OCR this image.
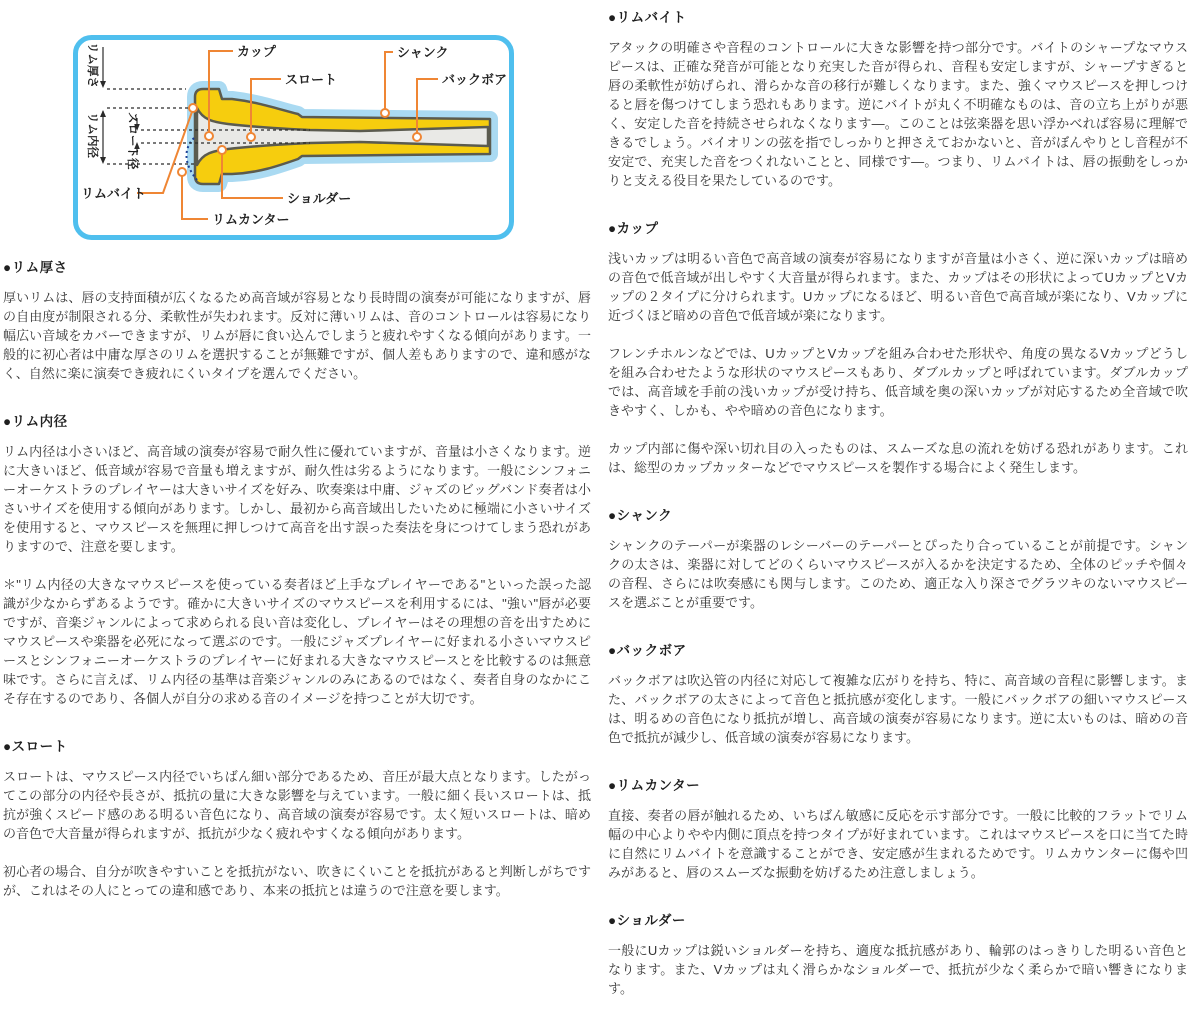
リム厚さ
リム内径 スロート径
カップ
スロート
シャンク
バックボア
リムバイト	ショルダー
リムカンター
●リム厚さ

厚いリムは、唇の支持面積が広くなるため高音域が容易となり長時間の演奏が可能になりますが、唇の自由度が制限される分、柔軟性が失われます。反対に薄いリムは、音のコントロールは容易になり幅広い音域をカバーできますが、リムが唇に食い込んでしまうと疲れやすくなる傾向があります。一般的に初心者は中庸な厚さのリムを選択することが無難ですが、個人差もありますので、違和感がなく、自然に楽に演奏でき疲れにくいタイプを選んでください。

●リム内径

リム内径は小さいほど、高音域の演奏が容易で耐久性に優れていますが、音量は小さくなります。逆に大きいほど、低音域が容易で音量も増えますが、耐久性は劣るようになります。一般にシンフォニーオーケストラのプレイヤーは大きいサイズを好み、吹奏楽は中庸、ジャズのビッグバンド奏者は小さいサイズを使用する傾向があります。しかし、最初から高音域出したいために極端に小さいサイズを使用すると、マウスピースを無理に押しつけて高音を出す誤った奏法を身につけてしまう恐れがありますので、注意を要します。

＊"リム内径の大きなマウスピースを使っている奏者ほど上手なプレイヤーである"といった誤った認識が少なからずあるようです。確かに大きいサイズのマウスピースを利用するには、"強い"唇が必要ですが、音楽ジャンルによって求められる良い音は変化し、プレイヤーはその理想の音を出すためにマウスピースや楽器を必死になって選ぶのです。一般にジャズプレイヤーに好まれる小さいマウスピースとシンフォニーオーケストラのプレイヤーに好まれる大きなマウスピースとを比較するのは無意味です。さらに言えば、リム内径の基準は音楽ジャンルのみにあるのではなく、奏者自身のなかにこそ存在するのであり、各個人が自分の求める音のイメージを持つことが大切です。

●スロート

スロートは、マウスピース内径でいちばん細い部分であるため、音圧が最大点となります。したがってこの部分の内径や長さが、抵抗の量に大きな影響を与えています。一般に細く長いスロートは、抵抗が強くスピード感のある明るい音色になり、高音域の演奏が容易です。太く短いスロートは、暗めの音色で大音量が得られますが、抵抗が少なく疲れやすくなる傾向があります。

初心者の場合、自分が吹きやすいことを抵抗がない、吹きにくいことを抵抗があると判断しがちですが、これはその人にとっての違和感であり、本来の抵抗とは違うので注意を要します。

●リムバイト

アタックの明確さや音程のコントロールに大きな影響を持つ部分です。バイトのシャープなマウスピースは、正確な発音が可能となり充実した音が得られ、音程も安定しますが、シャープすぎると唇の柔軟性が妨げられ、滑らかな音の移行が難しくなります。また、強くマウスピースを押しつけると唇を傷つけてしまう恐れもあります。逆にバイトが丸く不明確なものは、音の立ち上がりが悪く、安定した音を持続させられなくなります―。このことは弦楽器を思い浮かべれば容易に理解できるでしょう。バイオリンの弦を指でしっかりと押さえておかないと、音がぼんやりとし音程が不安定で、充実した音をつくれないことと、同様です―。つまり、リムバイトは、唇の振動をしっかりと支える役目を果たしているのです。

●カップ

浅いカップは明るい音色で高音域の演奏が容易になりますが音量は小さく、逆に深いカップは暗めの音色で低音域が出しやすく大音量が得られます。また、カップはその形状によってUカップとVカップの２タイプに分けられます。Uカップになるほど、明るい音色で高音域が楽になり、Vカップに近づくほど暗めの音色で低音域が楽になります。

フレンチホルンなどでは、UカップとVカップを組み合わせた形状や、角度の異なるVカップどうしを組み合わせたような形状のマウスピースもあり、ダブルカップと呼ばれています。ダブルカップでは、高音域を手前の浅いカップが受け持ち、低音域を奥の深いカップが対応するため全音域で吹きやすく、しかも、やや暗めの音色になります。

カップ内部に傷や深い切れ目の入ったものは、スムーズな息の流れを妨げる恐れがあります。これは、総型のカップカッターなどでマウスピースを製作する場合によく発生します。

●シャンク

シャンクのテーパーが楽器のレシーバーのテーパーとぴったり合っていることが前提です。シャンクの太さは、楽器に対してどのくらいマウスピースが入るかを決定するため、全体のピッチや個々の音程、さらには吹奏感にも関与します。このため、適正な入り深さでグラツキのないマウスピースを選ぶことが重要です。

●バックボア

バックボアは吹込管の内径に対応して複雑な広がりを持ち、特に、高音域の音程に影響します。また、バックボアの太さによって音色と抵抗感が変化します。一般にバックボアの細いマウスピースは、明るめの音色になり抵抗が増し、高音域の演奏が容易になります。逆に太いものは、暗めの音色で抵抗が減少し、低音域の演奏が容易になります。

●リムカンター

直接、奏者の唇が触れるため、いちばん敏感に反応を示す部分です。一般に比較的フラットでリム幅の中心よりやや内側に頂点を持つタイプが好まれています。これはマウスピースを口に当てた時に自然にリムバイトを意識することができ、安定感が生まれるためです。リムカウンターに傷や凹みがあると、唇のスムーズな振動を妨げるため注意しましょう。

●ショルダー

一般にUカップは鋭いショルダーを持ち、適度な抵抗感があり、輪郭のはっきりした明るい音色となります。また、Vカップは丸く滑らかなショルダーで、抵抗が少なく柔らかで暗い響きになります。
